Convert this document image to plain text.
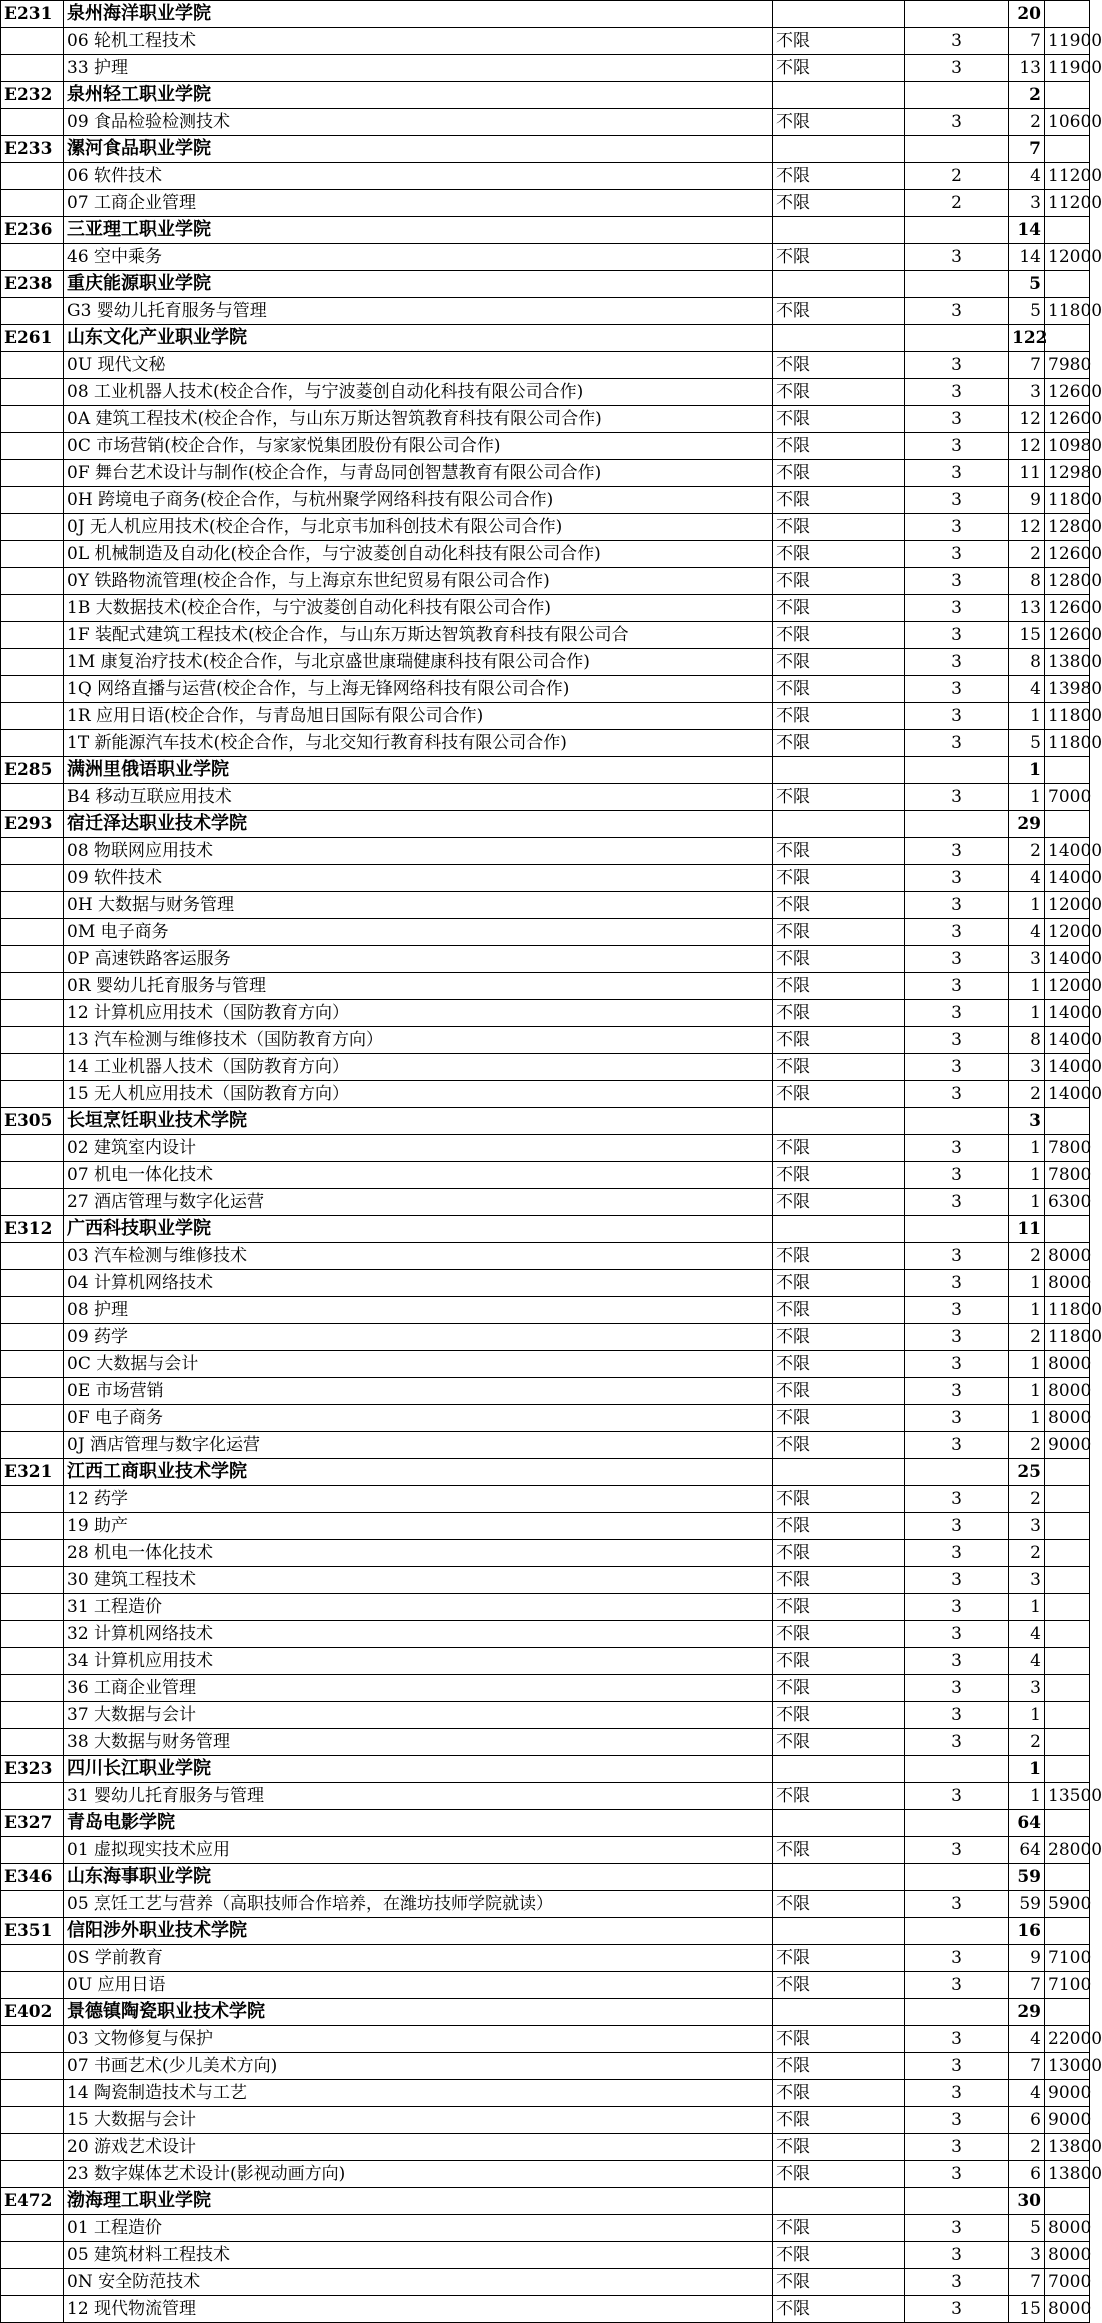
E231	泉州海洋职业学院			20	
	06 轮机工程技术	不限	3	7	11900
	33 护理	不限	3	13	11900
E232	泉州轻工职业学院			2	
	09 食品检验检测技术	不限	3	2	10600
E233	漯河食品职业学院			7	
	06 软件技术	不限	2	4	11200
	07 工商企业管理	不限	2	3	11200
E236	三亚理工职业学院			14	
	46 空中乘务	不限	3	14	12000
E238	重庆能源职业学院			5	
	G3 婴幼儿托育服务与管理	不限	3	5	11800
E261	山东文化产业职业学院			122	
	0U 现代文秘	不限	3	7	7980
	08 工业机器人技术(校企合作，与宁波菱创自动化科技有限公司合作)	不限	3	3	12600
	0A 建筑工程技术(校企合作，与山东万斯达智筑教育科技有限公司合作)	不限	3	12	12600
	0C 市场营销(校企合作，与家家悦集团股份有限公司合作)	不限	3	12	10980
	0F 舞台艺术设计与制作(校企合作，与青岛同创智慧教育有限公司合作)	不限	3	11	12980
	0H 跨境电子商务(校企合作，与杭州聚学网络科技有限公司合作)	不限	3	9	11800
	0J 无人机应用技术(校企合作，与北京韦加科创技术有限公司合作)	不限	3	12	12800
	0L 机械制造及自动化(校企合作，与宁波菱创自动化科技有限公司合作)	不限	3	2	12600
	0Y 铁路物流管理(校企合作，与上海京东世纪贸易有限公司合作)	不限	3	8	12800
	1B 大数据技术(校企合作，与宁波菱创自动化科技有限公司合作)	不限	3	13	12600
	1F 装配式建筑工程技术(校企合作，与山东万斯达智筑教育科技有限公司合	不限	3	15	12600
	1M 康复治疗技术(校企合作，与北京盛世康瑞健康科技有限公司合作)	不限	3	8	13800
	1Q 网络直播与运营(校企合作，与上海无锋网络科技有限公司合作)	不限	3	4	13980
	1R 应用日语(校企合作，与青岛旭日国际有限公司合作)	不限	3	1	11800
	1T 新能源汽车技术(校企合作，与北交知行教育科技有限公司合作)	不限	3	5	11800
E285	满洲里俄语职业学院			1	
	B4 移动互联应用技术	不限	3	1	7000
E293	宿迁泽达职业技术学院			29	
	08 物联网应用技术	不限	3	2	14000
	09 软件技术	不限	3	4	14000
	0H 大数据与财务管理	不限	3	1	12000
	0M 电子商务	不限	3	4	12000
	0P 高速铁路客运服务	不限	3	3	14000
	0R 婴幼儿托育服务与管理	不限	3	1	12000
	12 计算机应用技术（国防教育方向）	不限	3	1	14000
	13 汽车检测与维修技术（国防教育方向）	不限	3	8	14000
	14 工业机器人技术（国防教育方向）	不限	3	3	14000
	15 无人机应用技术（国防教育方向）	不限	3	2	14000
E305	长垣烹饪职业技术学院			3	
	02 建筑室内设计	不限	3	1	7800
	07 机电一体化技术	不限	3	1	7800
	27 酒店管理与数字化运营	不限	3	1	6300
E312	广西科技职业学院			11	
	03 汽车检测与维修技术	不限	3	2	8000
	04 计算机网络技术	不限	3	1	8000
	08 护理	不限	3	1	11800
	09 药学	不限	3	2	11800
	0C 大数据与会计	不限	3	1	8000
	0E 市场营销	不限	3	1	8000
	0F 电子商务	不限	3	1	8000
	0J 酒店管理与数字化运营	不限	3	2	9000
E321	江西工商职业技术学院			25	
	12 药学	不限	3	2	
	19 助产	不限	3	3	
	28 机电一体化技术	不限	3	2	
	30 建筑工程技术	不限	3	3	
	31 工程造价	不限	3	1	
	32 计算机网络技术	不限	3	4	
	34 计算机应用技术	不限	3	4	
	36 工商企业管理	不限	3	3	
	37 大数据与会计	不限	3	1	
	38 大数据与财务管理	不限	3	2	
E323	四川长江职业学院			1	
	31 婴幼儿托育服务与管理	不限	3	1	13500
E327	青岛电影学院			64	
	01 虚拟现实技术应用	不限	3	64	28000
E346	山东海事职业学院			59	
	05 烹饪工艺与营养（高职技师合作培养，在潍坊技师学院就读）	不限	3	59	5900
E351	信阳涉外职业技术学院			16	
	0S 学前教育	不限	3	9	7100
	0U 应用日语	不限	3	7	7100
E402	景德镇陶瓷职业技术学院			29	
	03 文物修复与保护	不限	3	4	22000
	07 书画艺术(少儿美术方向)	不限	3	7	13000
	14 陶瓷制造技术与工艺	不限	3	4	9000
	15 大数据与会计	不限	3	6	9000
	20 游戏艺术设计	不限	3	2	13800
	23 数字媒体艺术设计(影视动画方向)	不限	3	6	13800
E472	渤海理工职业学院			30	
	01 工程造价	不限	3	5	8000
	05 建筑材料工程技术	不限	3	3	8000
	0N 安全防范技术	不限	3	7	7000
	12 现代物流管理	不限	3	15	8000
